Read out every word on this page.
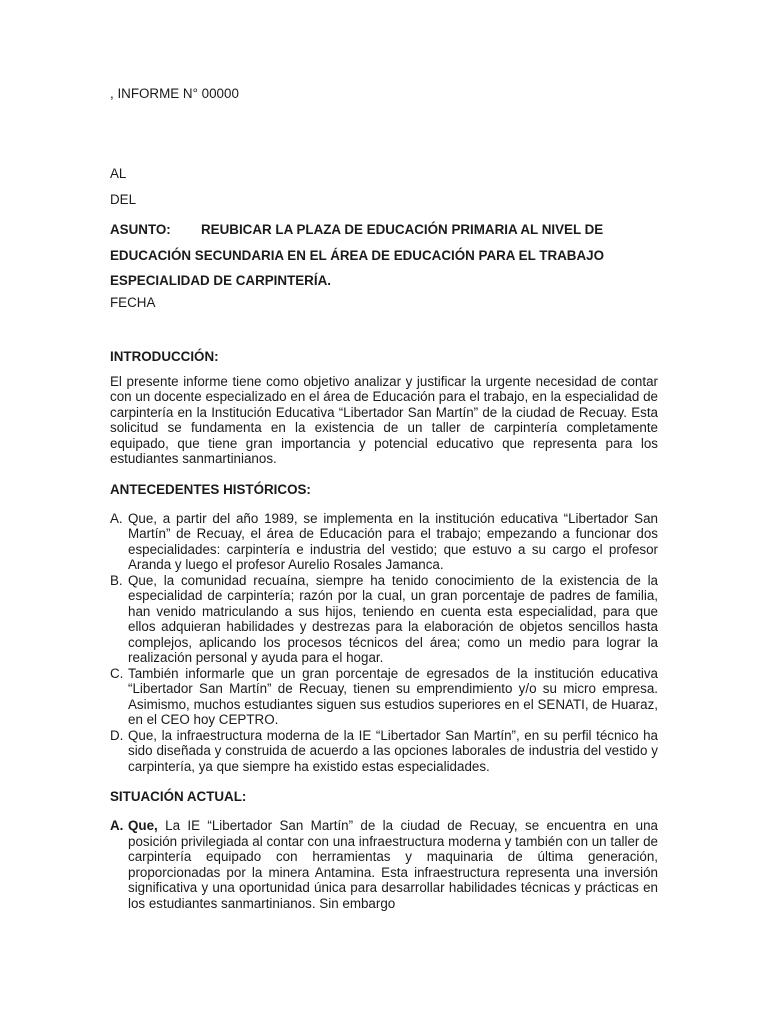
, INFORME N° 00000
AL
DEL
ASUNTO: REUBICAR LA PLAZA DE EDUCACIÓN PRIMARIA AL NIVEL DE
EDUCACIÓN SECUNDARIA EN EL ÁREA DE EDUCACIÓN PARA EL TRABAJO
ESPECIALIDAD DE CARPINTERÍA.
FECHA
INTRODUCCIÓN:
El presente informe tiene como objetivo analizar y justificar la urgente necesidad de contar con un docente especializado en el área de Educación para el trabajo, en la especialidad de carpintería en la Institución Educativa “Libertador San Martín” de la ciudad de Recuay. Esta solicitud se fundamenta en la existencia de un taller de carpintería completamente equipado, que tiene gran importancia y potencial educativo que representa para los estudiantes sanmartinianos.
ANTECEDENTES HISTÓRICOS:
A. Que, a partir del año 1989, se implementa en la institución educativa “Libertador San Martín” de Recuay, el área de Educación para el trabajo; empezando a funcionar dos especialidades: carpintería e industria del vestido; que estuvo a su cargo el profesor Aranda y luego el profesor Aurelio Rosales Jamanca.
B. Que, la comunidad recuaína, siempre ha tenido conocimiento de la existencia de la especialidad de carpintería; razón por la cual, un gran porcentaje de padres de familia, han venido matriculando a sus hijos, teniendo en cuenta esta especialidad, para que ellos adquieran habilidades y destrezas para la elaboración de objetos sencillos hasta complejos, aplicando los procesos técnicos del área; como un medio para lograr la realización personal y ayuda para el hogar.
C. También informarle que un gran porcentaje de egresados de la institución educativa “Libertador San Martín” de Recuay, tienen su emprendimiento y/o su micro empresa. Asimismo, muchos estudiantes siguen sus estudios superiores en el SENATI, de Huaraz, en el CEO hoy CEPTRO.
D. Que, la infraestructura moderna de la IE “Libertador San Martín”, en su perfil técnico ha sido diseñada y construida de acuerdo a las opciones laborales de industria del vestido y carpintería, ya que siempre ha existido estas especialidades.
SITUACIÓN ACTUAL:
A. Que, La IE “Libertador San Martín” de la ciudad de Recuay, se encuentra en una posición privilegiada al contar con una infraestructura moderna y también con un taller de carpintería equipado con herramientas y maquinaria de última generación, proporcionadas por la minera Antamina. Esta infraestructura representa una inversión significativa y una oportunidad única para desarrollar habilidades técnicas y prácticas en los estudiantes sanmartinianos. Sin embargo
